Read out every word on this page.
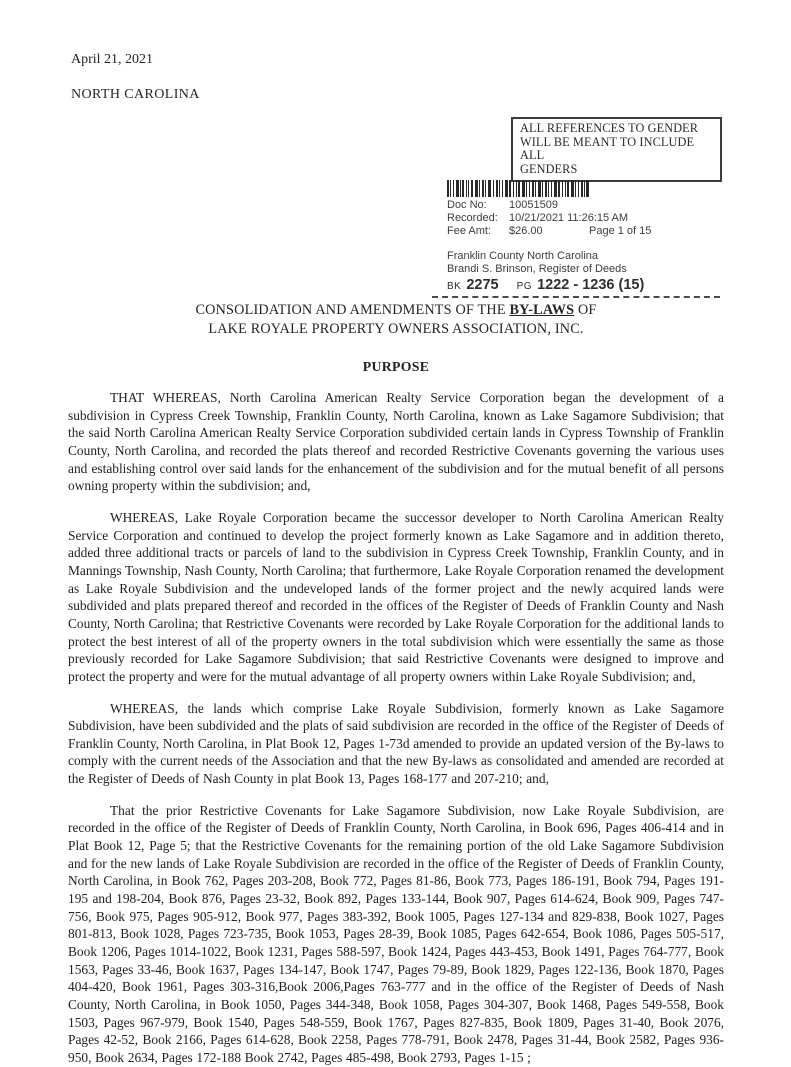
April 21, 2021
NORTH CAROLINA
ALL REFERENCES TO GENDER
WILL BE MEANT TO INCLUDE ALL
GENDERS
Doc No:	10051509
Recorded:	10/21/2021 11:26:15 AM
Fee Amt:	$26.00	Page 1 of 15
Franklin County North Carolina
Brandi S. Brinson, Register of Deeds
BK 2275 PG 1222 - 1236 (15)
CONSOLIDATION AND AMENDMENTS OF THE BY-LAWS OF
LAKE ROYALE PROPERTY OWNERS ASSOCIATION, INC.
PURPOSE

THAT WHEREAS, North Carolina American Realty Service Corporation began the development of a subdivision in Cypress Creek Township, Franklin County, North Carolina, known as Lake Sagamore Subdivision; that the said North Carolina American Realty Service Corporation subdivided certain lands in Cypress Township of Franklin County, North Carolina, and recorded the plats thereof and recorded Restrictive Covenants governing the various uses and establishing control over said lands for the enhancement of the subdivision and for the mutual benefit of all persons owning property within the subdivision; and,

WHEREAS, Lake Royale Corporation became the successor developer to North Carolina American Realty Service Corporation and continued to develop the project formerly known as Lake Sagamore and in addition thereto, added three additional tracts or parcels of land to the subdivision in Cypress Creek Township, Franklin County, and in Mannings Township, Nash County, North Carolina; that furthermore, Lake Royale Corporation renamed the development as Lake Royale Subdivision and the undeveloped lands of the former project and the newly acquired lands were subdivided and plats prepared thereof and recorded in the offices of the Register of Deeds of Franklin County and Nash County, North Carolina; that Restrictive Covenants were recorded by Lake Royale Corporation for the additional lands to protect the best interest of all of the property owners in the total subdivision which were essentially the same as those previously recorded for Lake Sagamore Subdivision; that said Restrictive Covenants were designed to improve and protect the property and were for the mutual advantage of all property owners within Lake Royale Subdivision; and,

WHEREAS, the lands which comprise Lake Royale Subdivision, formerly known as Lake Sagamore Subdivision, have been subdivided and the plats of said subdivision are recorded in the office of the Register of Deeds of Franklin County, North Carolina, in Plat Book 12, Pages 1-73d amended to provide an updated version of the By-laws to comply with the current needs of the Association and that the new By-laws as consolidated and amended are recorded at the Register of Deeds of Nash County in plat Book 13, Pages 168-177 and 207-210; and,

That the prior Restrictive Covenants for Lake Sagamore Subdivision, now Lake Royale Subdivision, are recorded in the office of the Register of Deeds of Franklin County, North Carolina, in Book 696, Pages 406-414 and in Plat Book 12, Page 5; that the Restrictive Covenants for the remaining portion of the old Lake Sagamore Subdivision and for the new lands of Lake Royale Subdivision are recorded in the office of the Register of Deeds of Franklin County, North Carolina, in Book 762, Pages 203-208, Book 772, Pages 81-86, Book 773, Pages 186-191, Book 794, Pages 191-195 and 198-204, Book 876, Pages 23-32, Book 892, Pages 133-144, Book 907, Pages 614-624, Book 909, Pages 747-756, Book 975, Pages 905-912, Book 977, Pages 383-392, Book 1005, Pages 127-134 and 829-838, Book 1027, Pages 801-813, Book 1028, Pages 723-735, Book 1053, Pages 28-39, Book 1085, Pages 642-654, Book 1086, Pages 505-517, Book 1206, Pages 1014-1022, Book 1231, Pages 588-597, Book 1424, Pages 443-453, Book 1491, Pages 764-777, Book 1563, Pages 33-46, Book 1637, Pages 134-147, Book 1747, Pages 79-89, Book 1829, Pages 122-136, Book 1870, Pages 404-420, Book 1961, Pages 303-316,Book 2006,Pages 763-777 and in the office of the Register of Deeds of Nash County, North Carolina, in Book 1050, Pages 344-348, Book 1058, Pages 304-307, Book 1468, Pages 549-558, Book 1503, Pages 967-979, Book 1540, Pages 548-559, Book 1767, Pages 827-835, Book 1809, Pages 31-40, Book 2076, Pages 42-52, Book 2166, Pages 614-628, Book 2258, Pages 778-791, Book 2478, Pages 31-44, Book 2582, Pages 936-950, Book 2634, Pages 172-188 Book 2742, Pages 485-498, Book 2793, Pages 1-15 ;
